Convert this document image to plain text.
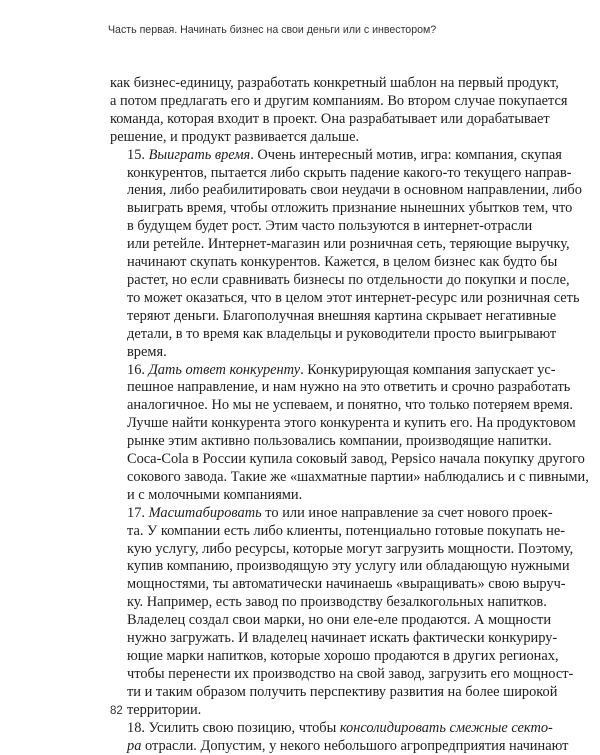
Часть первая. Начинать бизнес на свои деньги или с инвестором?

как бизнес-единицу, разработать конкретный шаблон на первый продукт,
а потом предлагать его и другим компаниям. Во втором случае покупается
команда, которая входит в проект. Она разрабатывает или дорабатывает
решение, и продукт развивается дальше.

15. Выиграть время. Очень интересный мотив, игра: компания, скупая
конкурентов, пытается либо скрыть падение какого-то текущего направ-
ления, либо реабилитировать свои неудачи в основном направлении, либо
выиграть время, чтобы отложить признание нынешних убытков тем, что
в будущем будет рост. Этим часто пользуются в интернет-отрасли
или ретейле. Интернет-магазин или розничная сеть, теряющие выручку,
начинают скупать конкурентов. Кажется, в целом бизнес как будто бы
растет, но если сравнивать бизнесы по отдельности до покупки и после,
то может оказаться, что в целом этот интернет-ресурс или розничная сеть
теряют деньги. Благополучная внешняя картина скрывает негативные
детали, в то время как владельцы и руководители просто выигрывают
время.

16. Дать ответ конкуренту. Конкурирующая компания запускает ус-
пешное направление, и нам нужно на это ответить и срочно разработать
аналогичное. Но мы не успеваем, и понятно, что только потеряем время.
Лучше найти конкурента этого конкурента и купить его. На продуктовом
рынке этим активно пользовались компании, производящие напитки.
Coca-Cola в России купила соковый завод, Pepsico начала покупку другого
сокового завода. Такие же «шахматные партии» наблюдались и с пивными,
и с молочными компаниями.

17. Масштабировать то или иное направление за счет нового проек-
та. У компании есть либо клиенты, потенциально готовые покупать не-
кую услугу, либо ресурсы, которые могут загрузить мощности. Поэтому,
купив компанию, производящую эту услугу или обладающую нужными
мощностями, ты автоматически начинаешь «выращивать» свою выруч-
ку. Например, есть завод по производству безалкогольных напитков.
Владелец создал свои марки, но они еле-еле продаются. А мощности
нужно загружать. И владелец начинает искать фактически конкуриру-
ющие марки напитков, которые хорошо продаются в других регионах,
чтобы перенести их производство на свой завод, загрузить его мощност-
ти и таким образом получить перспективу развития на более широкой
территории.

18. Усилить свою позицию, чтобы консолидировать смежные секто-
ра отрасли. Допустим, у некого небольшого агропредприятия начинают

82
